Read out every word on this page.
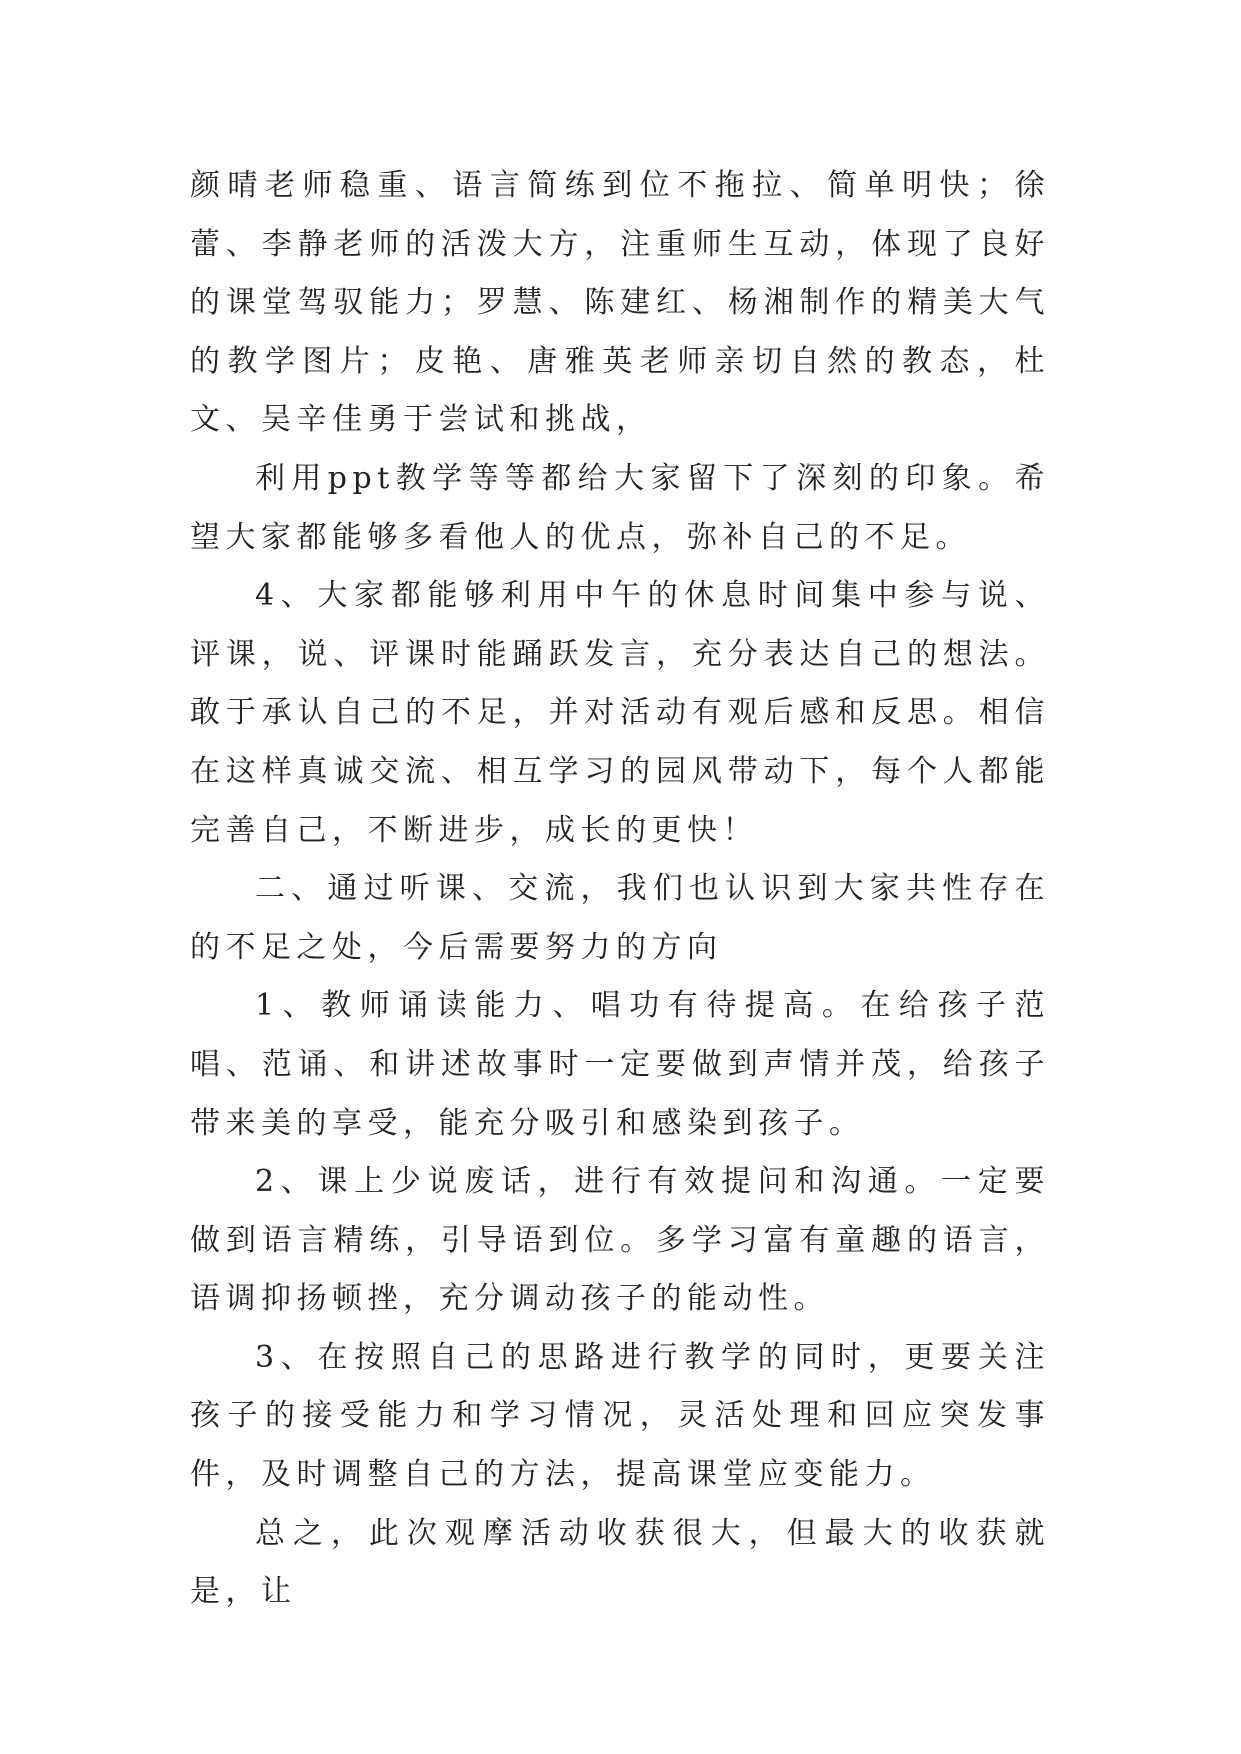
颜晴老师稳重、语言简练到位不拖拉、简单明快；徐蕾、李静老师的活泼大方，注重师生互动，体现了良好的课堂驾驭能力；罗慧、陈建红、杨湘制作的精美大气的教学图片；皮艳、唐雅英老师亲切自然的教态，杜文、吴辛佳勇于尝试和挑战，

利用ppt教学等等都给大家留下了深刻的印象。希望大家都能够多看他人的优点，弥补自己的不足。

4、大家都能够利用中午的休息时间集中参与说、评课，说、评课时能踊跃发言，充分表达自己的想法。敢于承认自己的不足，并对活动有观后感和反思。相信在这样真诚交流、相互学习的园风带动下，每个人都能完善自己，不断进步，成长的更快！

二、通过听课、交流，我们也认识到大家共性存在的不足之处，今后需要努力的方向

1、教师诵读能力、唱功有待提高。在给孩子范唱、范诵、和讲述故事时一定要做到声情并茂，给孩子带来美的享受，能充分吸引和感染到孩子。

2、课上少说废话，进行有效提问和沟通。一定要做到语言精练，引导语到位。多学习富有童趣的语言，语调抑扬顿挫，充分调动孩子的能动性。

3、在按照自己的思路进行教学的同时，更要关注孩子的接受能力和学习情况，灵活处理和回应突发事件，及时调整自己的方法，提高课堂应变能力。

总之，此次观摩活动收获很大，但最大的收获就是，让
